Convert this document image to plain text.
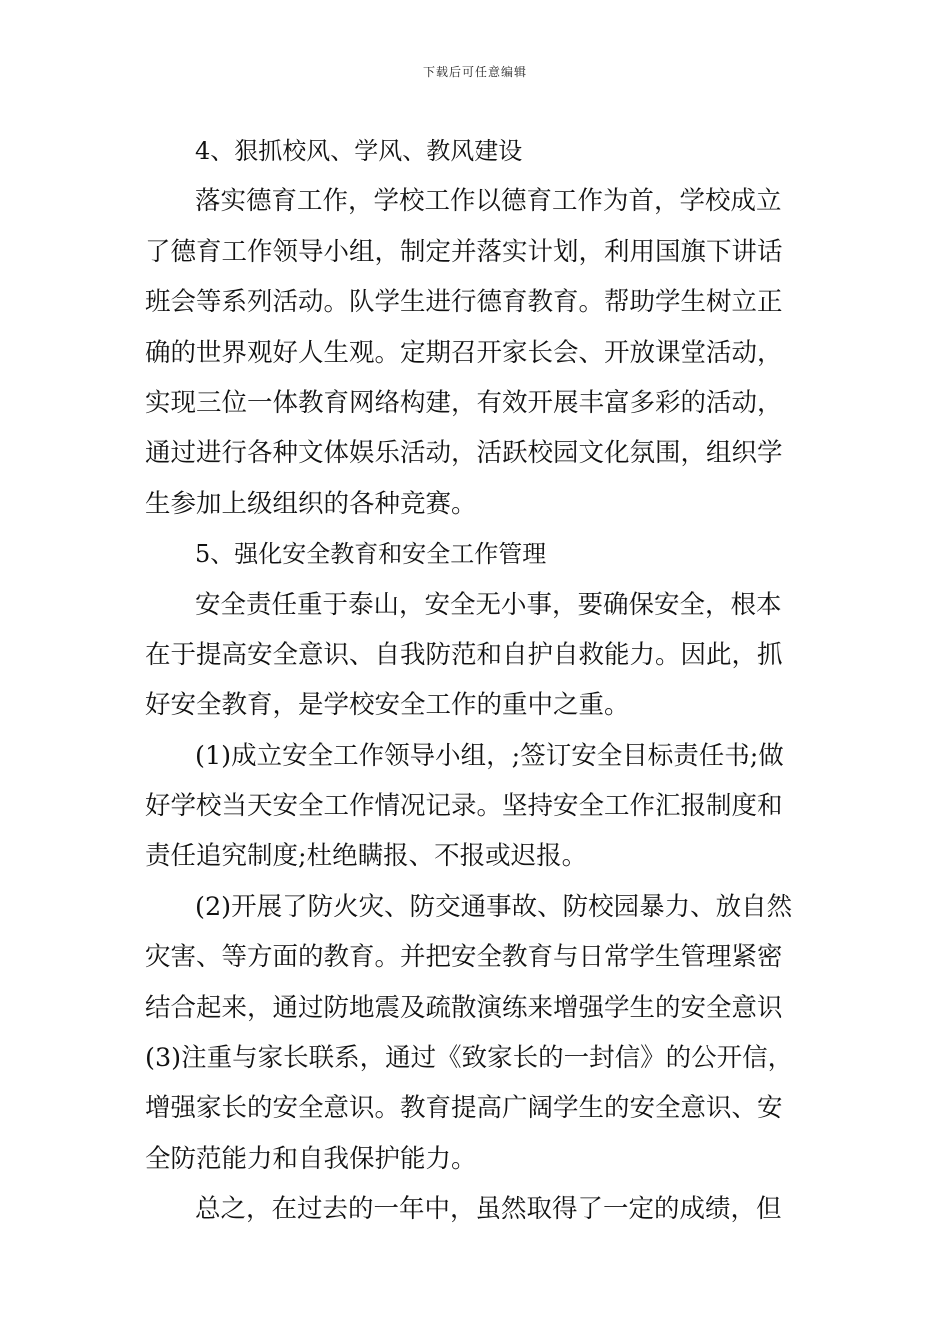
下载后可任意编辑
4、狠抓校风、学风、教风建设
落实德育工作，学校工作以德育工作为首，学校成立
了德育工作领导小组，制定并落实计划，利用国旗下讲话
班会等系列活动。队学生进行德育教育。帮助学生树立正
确的世界观好人生观。定期召开家长会、开放课堂活动，
实现三位一体教育网络构建，有效开展丰富多彩的活动，
通过进行各种文体娱乐活动，活跃校园文化氛围，组织学
生参加上级组织的各种竞赛。
5、强化安全教育和安全工作管理
安全责任重于泰山，安全无小事，要确保安全，根本
在于提高安全意识、自我防范和自护自救能力。因此，抓
好安全教育，是学校安全工作的重中之重。
(1)成立安全工作领导小组，;签订安全目标责任书;做
好学校当天安全工作情况记录。坚持安全工作汇报制度和
责任追究制度;杜绝瞒报、不报或迟报。
(2)开展了防火灾、防交通事故、防校园暴力、放自然
灾害、等方面的教育。并把安全教育与日常学生管理紧密
结合起来，通过防地震及疏散演练来增强学生的安全意识
(3)注重与家长联系，通过《致家长的一封信》的公开信，
增强家长的安全意识。教育提高广阔学生的安全意识、安
全防范能力和自我保护能力。
总之，在过去的一年中，虽然取得了一定的成绩，但
